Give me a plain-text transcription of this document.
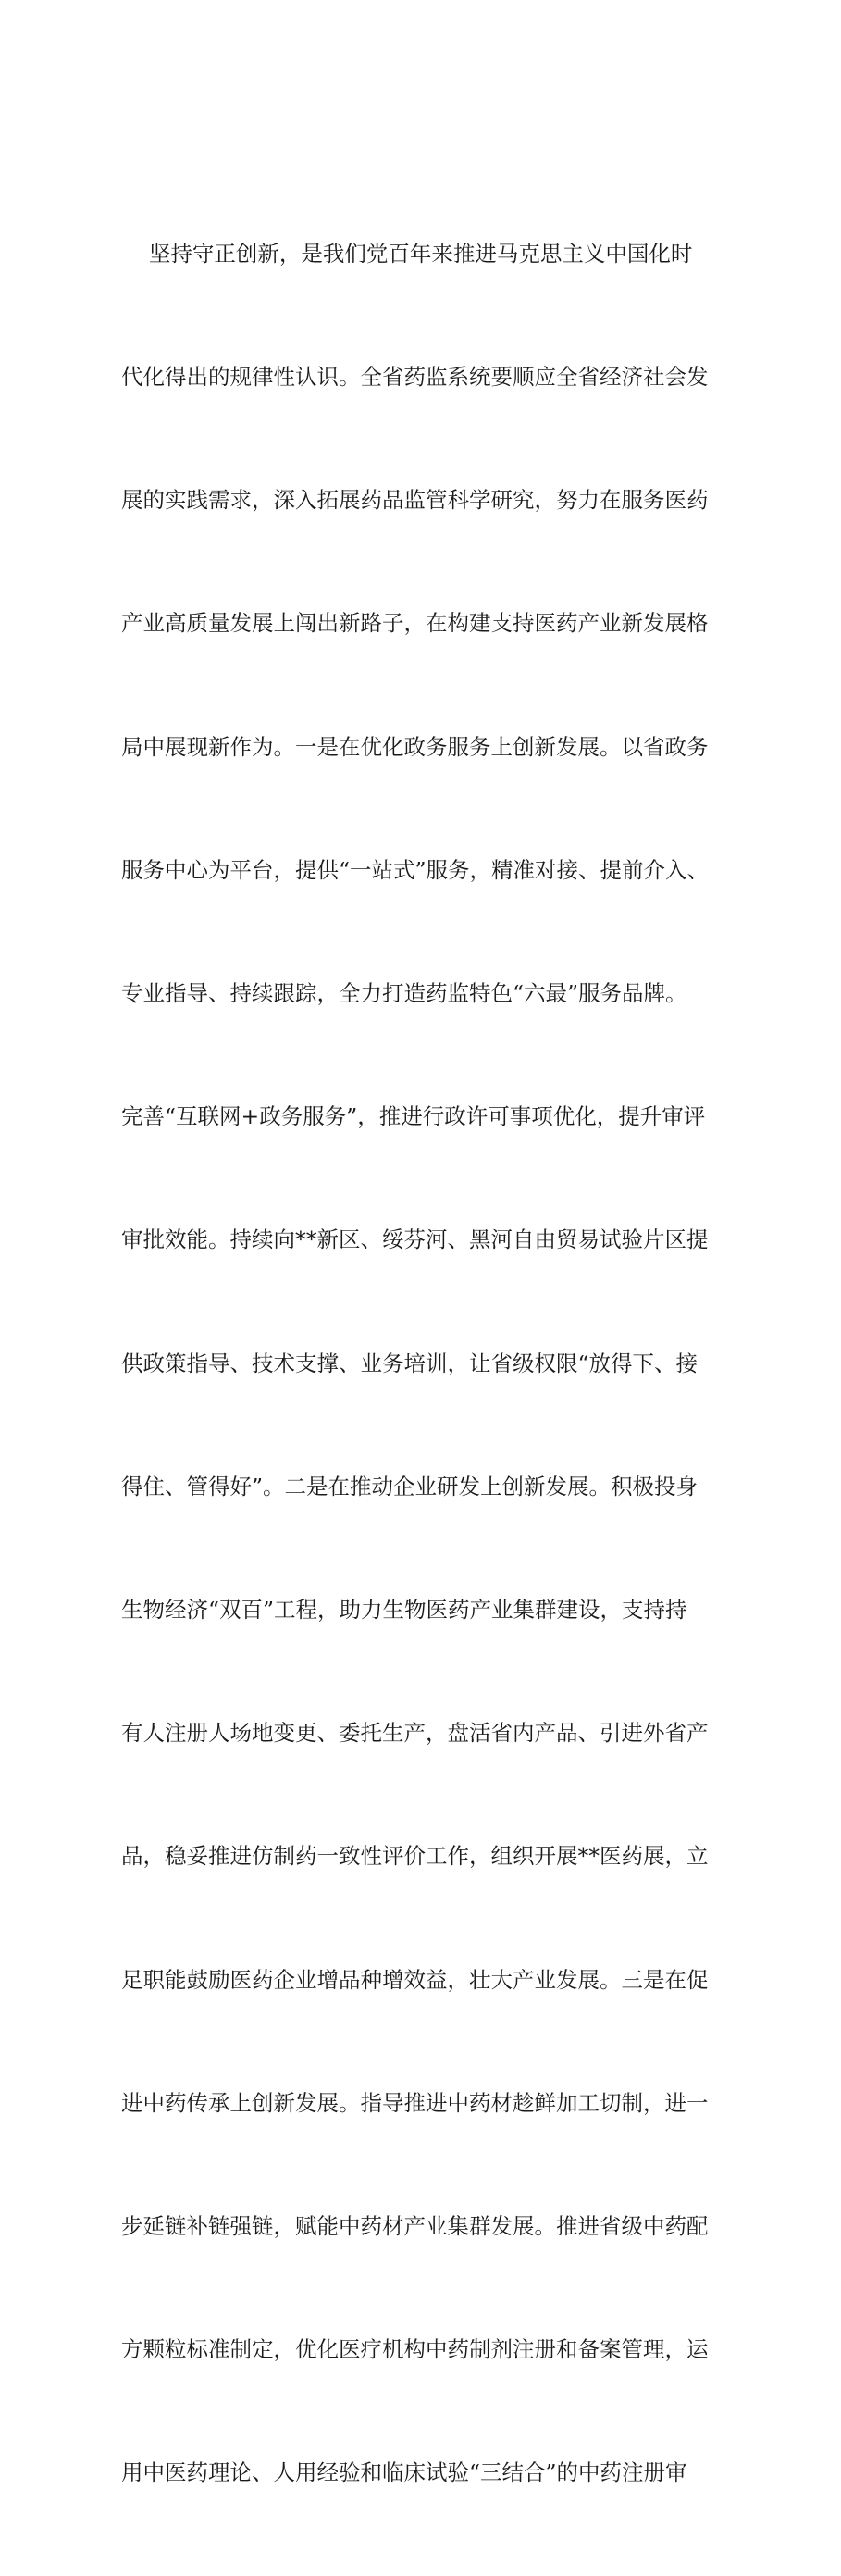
坚持守正创新，是我们党百年来推进马克思主义中国化时

代化得出的规律性认识。全省药监系统要顺应全省经济社会发

展的实践需求，深入拓展药品监管科学研究，努力在服务医药

产业高质量发展上闯出新路子，在构建支持医药产业新发展格

局中展现新作为。一是在优化政务服务上创新发展。以省政务

服务中心为平台，提供“一站式”服务，精准对接、提前介入、

专业指导、持续跟踪，全力打造药监特色“六最”服务品牌。

完善“互联网+政务服务”，推进行政许可事项优化，提升审评

审批效能。持续向**新区、绥芬河、黑河自由贸易试验片区提

供政策指导、技术支撑、业务培训，让省级权限“放得下、接

得住、管得好”。二是在推动企业研发上创新发展。积极投身

生物经济“双百”工程，助力生物医药产业集群建设，支持持

有人注册人场地变更、委托生产，盘活省内产品、引进外省产

品，稳妥推进仿制药一致性评价工作，组织开展**医药展，立

足职能鼓励医药企业增品种增效益，壮大产业发展。三是在促

进中药传承上创新发展。指导推进中药材趁鲜加工切制，进一

步延链补链强链，赋能中药材产业集群发展。推进省级中药配

方颗粒标准制定，优化医疗机构中药制剂注册和备案管理，运

用中医药理论、人用经验和临床试验“三结合”的中药注册审
